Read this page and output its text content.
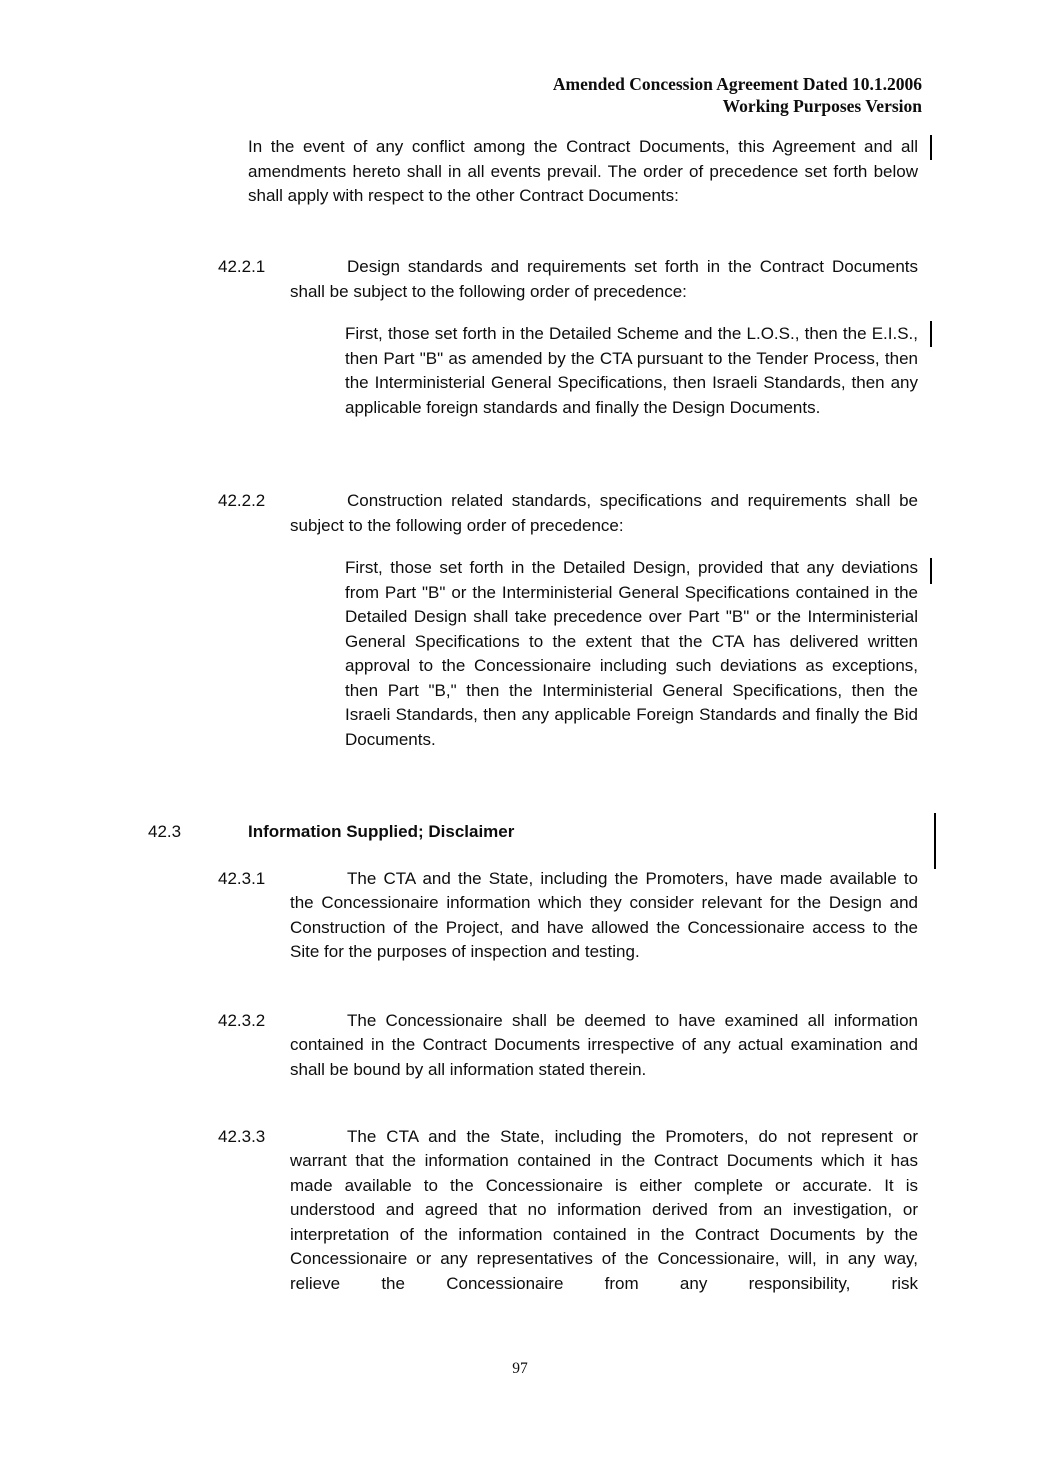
Amended Concession Agreement Dated 10.1.2006
Working Purposes Version

In the event of any conflict among the Contract Documents, this Agreement and all amendments hereto shall in all events prevail. The order of precedence set forth below shall apply with respect to the other Contract Documents:

42.2.1	Design standards and requirements set forth in the Contract Documents shall be subject to the following order of precedence:

First, those set forth in the Detailed Scheme and the L.O.S., then the E.I.S., then Part "B" as amended by the CTA pursuant to the Tender Process, then the Interministerial General Specifications, then Israeli Standards, then any applicable foreign standards and finally the Design Documents.

42.2.2	Construction related standards, specifications and requirements shall be subject to the following order of precedence:

First, those set forth in the Detailed Design, provided that any deviations from Part "B" or the Interministerial General Specifications contained in the Detailed Design shall take precedence over Part "B" or the Interministerial General Specifications to the extent that the CTA has delivered written approval to the Concessionaire including such deviations as exceptions, then Part "B," then the Interministerial General Specifications, then the Israeli Standards, then any applicable Foreign Standards and finally the Bid Documents.

42.3	Information Supplied; Disclaimer
42.3.1	The CTA and the State, including the Promoters, have made available to the Concessionaire information which they consider relevant for the Design and Construction of the Project, and have allowed the Concessionaire access to the Site for the purposes of inspection and testing.
42.3.2	The Concessionaire shall be deemed to have examined all information contained in the Contract Documents irrespective of any actual examination and shall be bound by all information stated therein.
42.3.3	The CTA and the State, including the Promoters, do not represent or warrant that the information contained in the Contract Documents which it has made available to the Concessionaire is either complete or accurate. It is understood and agreed that no information derived from an investigation, or interpretation of the information contained in the Contract Documents by the Concessionaire or any representatives of the Concessionaire, will, in any way, relieve the Concessionaire from any responsibility, risk
97
